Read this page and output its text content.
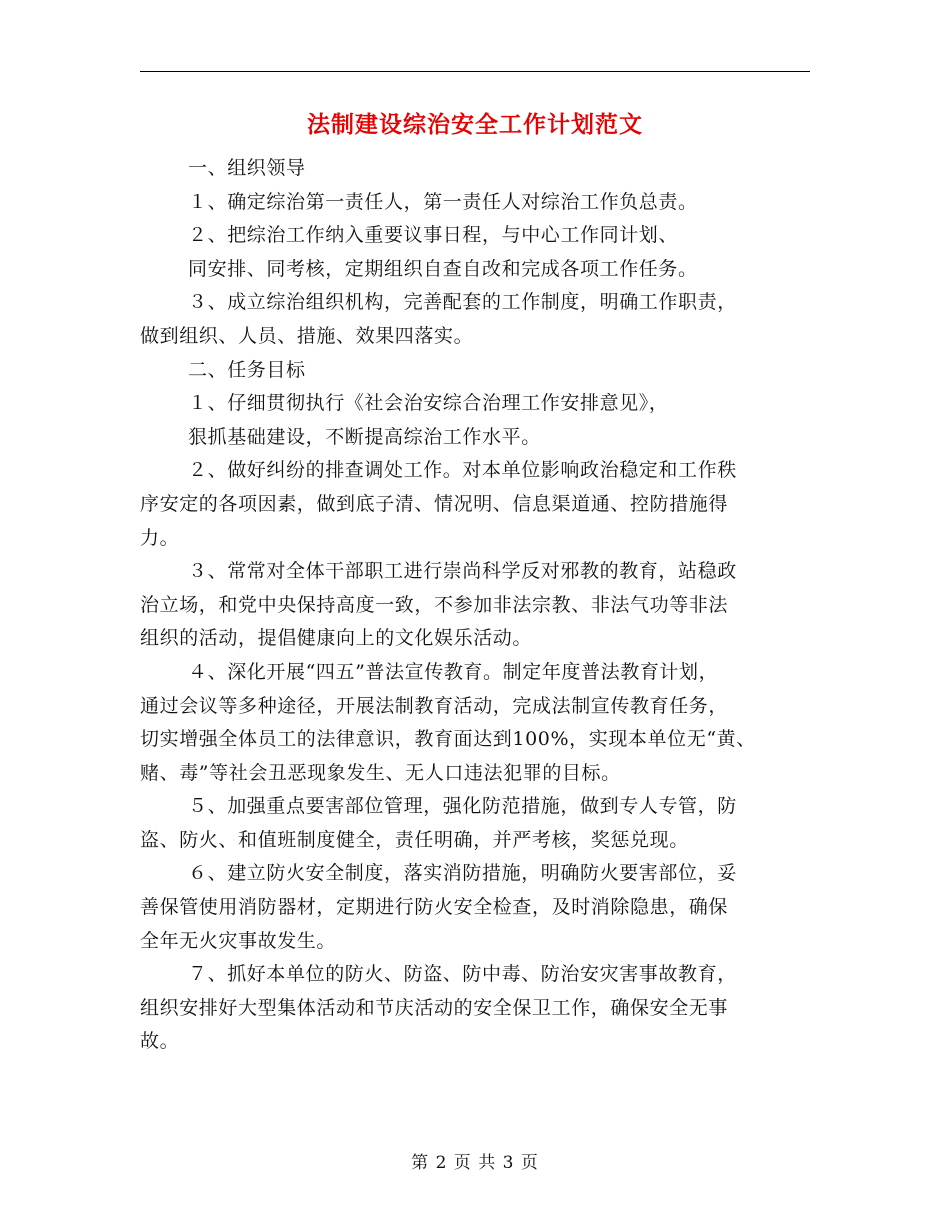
法制建设综治安全工作计划范文

一、组织领导

１、确定综治第一责任人，第一责任人对综治工作负总责。

２、把综治工作纳入重要议事日程，与中心工作同计划、

同安排、同考核，定期组织自查自改和完成各项工作任务。

３、成立综治组织机构，完善配套的工作制度，明确工作职责，

做到组织、人员、措施、效果四落实。

二、任务目标

１、仔细贯彻执行《社会治安综合治理工作安排意见》，

狠抓基础建设，不断提高综治工作水平。

２、做好纠纷的排查调处工作。对本单位影响政治稳定和工作秩

序安定的各项因素，做到底子清、情况明、信息渠道通、控防措施得

力。

３、常常对全体干部职工进行崇尚科学反对邪教的教育，站稳政

治立场，和党中央保持高度一致，不参加非法宗教、非法气功等非法

组织的活动，提倡健康向上的文化娱乐活动。

４、深化开展“四五”普法宣传教育。制定年度普法教育计划，

通过会议等多种途径，开展法制教育活动，完成法制宣传教育任务，

切实增强全体员工的法律意识，教育面达到100%，实现本单位无“黄、

赌、毒”等社会丑恶现象发生、无人口违法犯罪的目标。

５、加强重点要害部位管理，强化防范措施，做到专人专管，防

盗、防火、和值班制度健全，责任明确，并严考核，奖惩兑现。

６、建立防火安全制度，落实消防措施，明确防火要害部位，妥

善保管使用消防器材，定期进行防火安全检查，及时消除隐患，确保

全年无火灾事故发生。

７、抓好本单位的防火、防盗、防中毒、防治安灾害事故教育，

组织安排好大型集体活动和节庆活动的安全保卫工作，确保安全无事

故。

第 2 页 共 3 页
